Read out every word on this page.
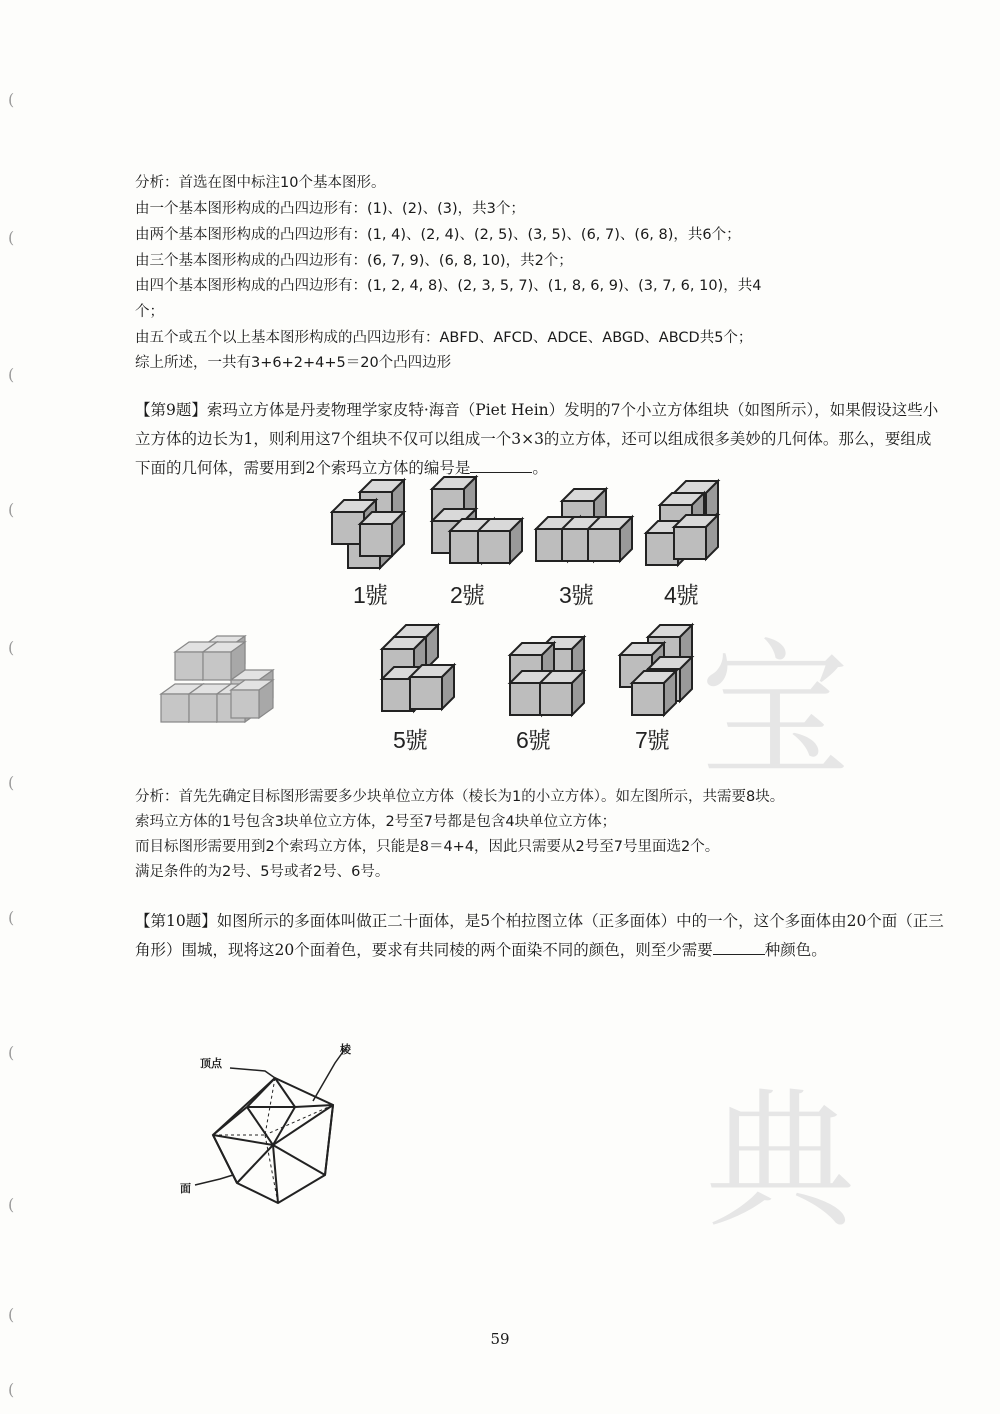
(
(
(
(
(
(
(
(
(
(
(
宝
典
分析：首选在图中标注10个基本图形。
由一个基本图形构成的凸四边形有：(1)、(2)、(3)，共3个；
由两个基本图形构成的凸四边形有：(1, 4)、(2, 4)、(2, 5)、(3, 5)、(6, 7)、(6, 8)，共6个；
由三个基本图形构成的凸四边形有：(6, 7, 9)、(6, 8, 10)，共2个；
由四个基本图形构成的凸四边形有：(1, 2, 4, 8)、(2, 3, 5, 7)、(1, 8, 6, 9)、(3, 7, 6, 10)，共4
个；
由五个或五个以上基本图形构成的凸四边形有：ABFD、AFCD、ADCE、ABGD、ABCD共5个；
综上所述，一共有3+6+2+4+5＝20个凸四边形
【第9题】索玛立方体是丹麦物理学家皮特·海音（Piet Hein）发明的7个小立方体组块（如图所示），如果假设这些小立方体的边长为1，则利用这7个组块不仅可以组成一个3×3的立方体，还可以组成很多美妙的几何体。那么，要组成下面的几何体，需要用到2个索玛立方体的编号是	。
1號	2號	3號	4號
5號	6號	7號
分析：首先先确定目标图形需要多少块单位立方体（棱长为1的小立方体）。如左图所示，共需要8块。
索玛立方体的1号包含3块单位立方体，2号至7号都是包含4块单位立方体；
而目标图形需要用到2个索玛立方体，只能是8＝4+4，因此只需要从2号至7号里面选2个。
满足条件的为2号、5号或者2号、6号。
【第10题】如图所示的多面体叫做正二十面体，是5个柏拉图立体（正多面体）中的一个，这个多面体由20个面（正三角形）围城，现将这20个面着色，要求有共同棱的两个面染不同的颜色，则至少需要	种颜色。
顶点
棱
面
59
